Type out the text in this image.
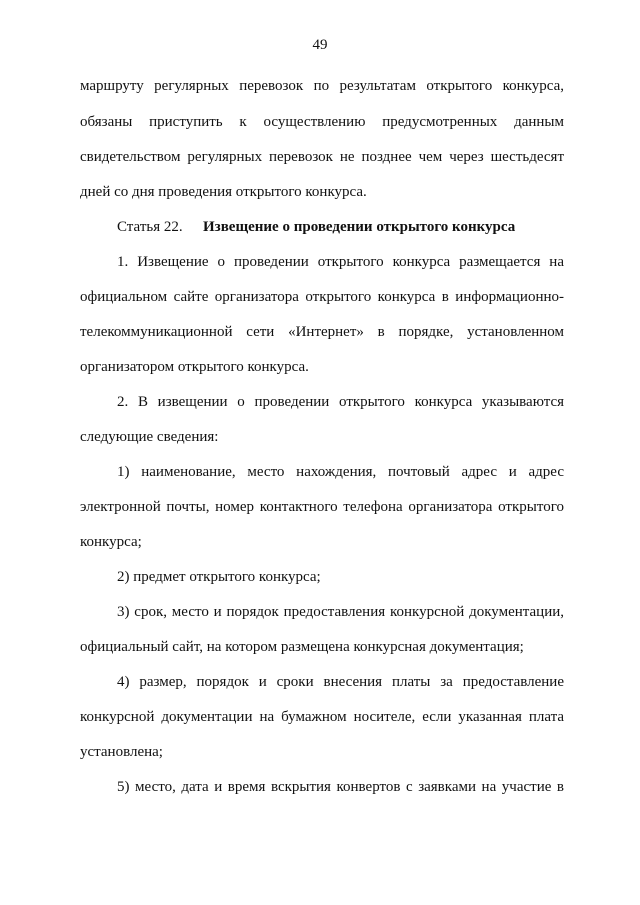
49
маршруту регулярных перевозок по результатам открытого конкурса,
обязаны приступить к осуществлению предусмотренных данным
свидетельством регулярных перевозок не позднее чем через шестьдесят
дней со дня проведения открытого конкурса.
Статья 22. Извещение о проведении открытого конкурса
1. Извещение о проведении открытого конкурса размещается на
официальном сайте организатора открытого конкурса в информационно-
телекоммуникационной сети «Интернет» в порядке, установленном
организатором открытого конкурса.
2. В извещении о проведении открытого конкурса указываются
следующие сведения:
1) наименование, место нахождения, почтовый адрес и адрес
электронной почты, номер контактного телефона организатора открытого
конкурса;
2) предмет открытого конкурса;
3) срок, место и порядок предоставления конкурсной документации,
официальный сайт, на котором размещена конкурсная документация;
4) размер, порядок и сроки внесения платы за предоставление
конкурсной документации на бумажном носителе, если указанная плата
установлена;
5) место, дата и время вскрытия конвертов с заявками на участие в
